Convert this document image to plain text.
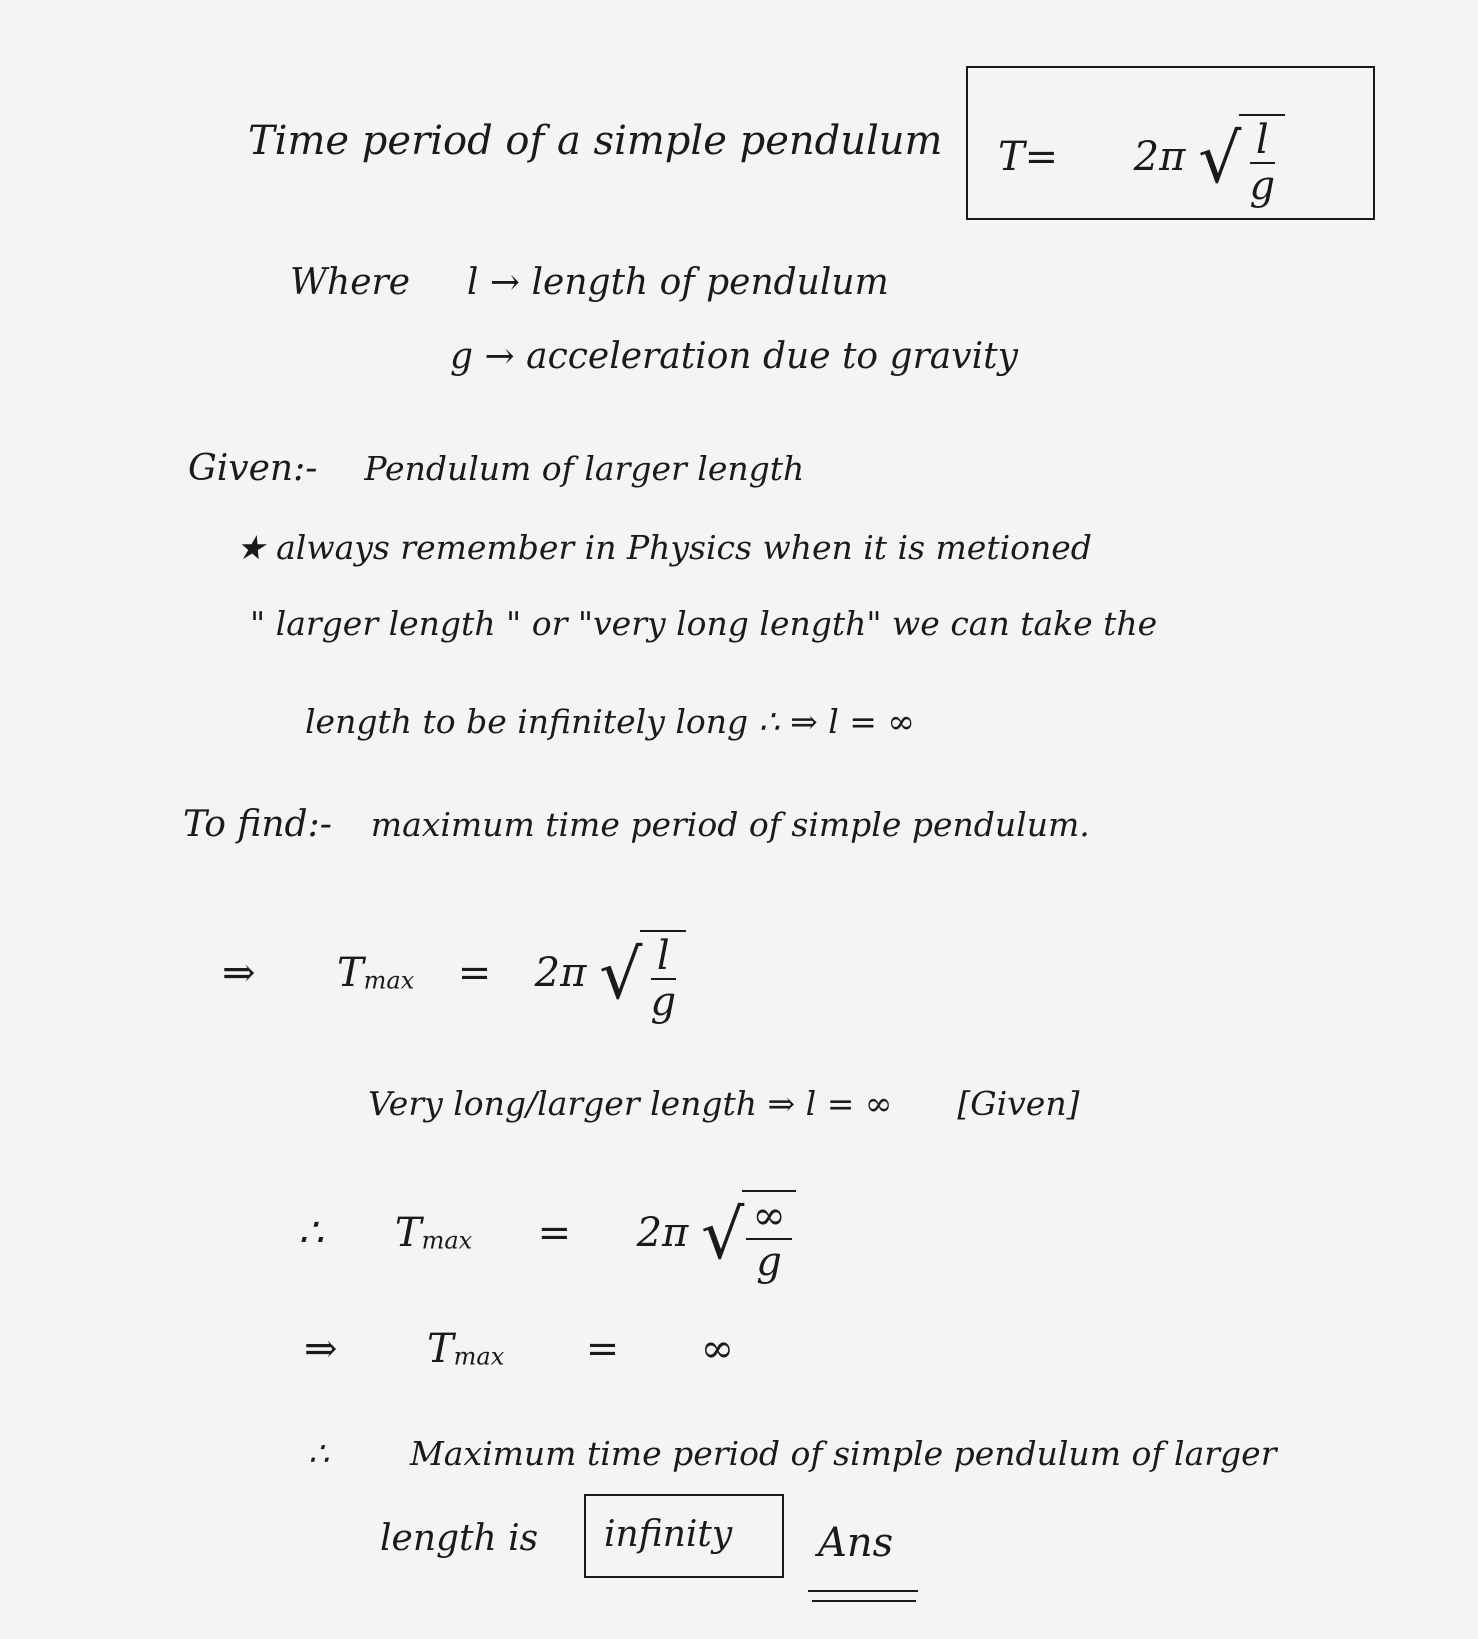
Time period of a simple pendulum T= 2π √ $\frac{l}{g}$
Where l → length of pendulum
g → acceleration due to gravity
Given:- Pendulum of larger length
★ always remember in Physics when it is metioned
" larger length " or "very long length" we can take the
length to be infinitely long ∴ ⇒ l = ∞
To find:- maximum time period of simple pendulum.
⇒ Tmax = 2π √ $\frac{l}{g}$
Very long/larger length ⇒ l = ∞ [Given]
∴ Tmax = 2π √ $\frac{\infty}{g}$
⇒ Tmax = ∞
∴ Maximum time period of simple pendulum of larger
length is infinity Ans
